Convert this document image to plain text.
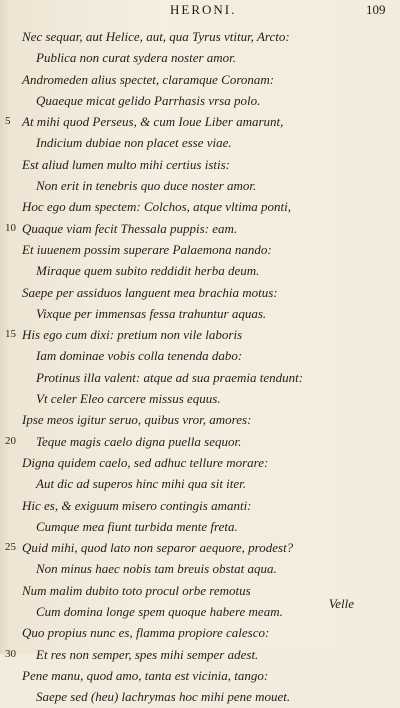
HERONI.	109
Nec sequar, aut Helice, aut, qua Tyrus vtitur, Arcto:
Publica non curat sydera noster amor.
Andromeden alius spectet, claramque Coronam:
Quaeque micat gelido Parrhasis vrsa polo.
5 At mihi quod Perseus, & cum Ioue Liber amarunt,
Indicium dubiae non placet esse viae.
Est aliud lumen multo mihi certius istis:
Non erit in tenebris quo duce noster amor.
Hoc ego dum spectem: Colchos, atque vltima ponti,
10 Quaque viam fecit Thessala puppis: eam.
Et iuuenem possim superare Palaemona nando:
Miraque quem subito reddidit herba deum.
Saepe per assiduos languent mea brachia motus:
Vixque per immensas fessa trahuntur aquas.
15 His ego cum dixi: pretium non vile laboris
Iam dominae vobis colla tenenda dabo:
Protinus illa valent: atque ad sua praemia tendunt:
Vt celer Eleo carcere missus equus.
Ipse meos igitur seruo, quibus vror, amores:
20 Teque magis caelo digna puella sequor.
Digna quidem caelo, sed adhuc tellure morare:
Aut dic ad superos hinc mihi qua sit iter.
Hic es, & exiguum misero contingis amanti:
Cumque mea fiunt turbida mente freta.
25 Quid mihi, quod lato non separor aequore, prodest?
Non minus haec nobis tam breuis obstat aqua.
Num malim dubito toto procul orbe remotus
Cum domina longe spem quoque habere meam.
Quo propius nunc es, flamma propiore calesco:
30 Et res non semper, spes mihi semper adest.
Pene manu, quod amo, tanta est vicinia, tango:
Saepe sed (heu) lachrymas hoc mihi pene mouet.
Velle
